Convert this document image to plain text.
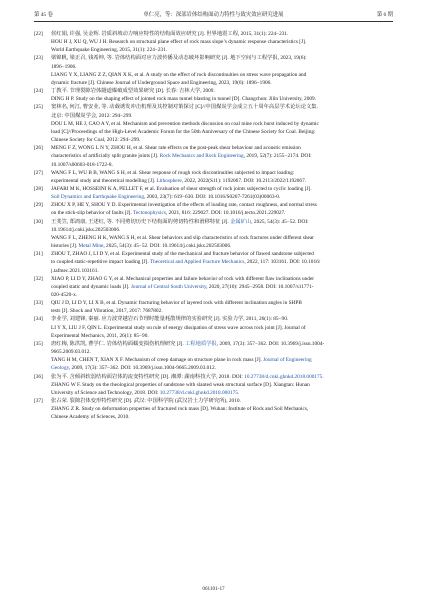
第 45 卷	单仁亮，等：深部岩体结构面动力特性与致灾效应研究进展	第 6 期
[22] 侯红娟, 许强, 吴金辉. 岩质斜坡动力响应特性的结构面效应研究 [J]. 世界地震工程, 2015, 31(1): 224−231.
HOU H J, XU Q, WU J H. Research on structural plane effect of rock mass slope’s dynamic response characteristics [J].
World Earthquake Engineering, 2015, 31(1): 224−231.
[23] 梁锦帆, 梁正召, 钱希坤, 等. 岩体结构面对应力波传播及动态破坏影响研究 [J]. 地下空间与工程学报, 2023, 19(6):
1896−1906.
LIANG Y X, LIANG Z Z, QIAN X K, et al. A study on the effect of rock discontinuities on stress wave propagation and
dynamic fracture [J]. Chinese Journal of Underground Space and Engineering, 2023, 19(6): 1896−1906.
[24] 丁教平. 节理裂隙岩体隧道爆破成型效果研究 [D]. 长春: 吉林大学, 2009.
DING H P. Study on the shaping effect of jointed rock mass tunnel blasting in tunnel [D]. Changchun: Jilin University, 2009.
[25] 窦林名, 何江, 曹安业, 等. 动载诱发冲击机理及其控制对策探讨 [C]//中国煤炭学会成立五十周年高层学术论坛论文集.
北京: 中国煤炭学会, 2012: 294−299.
DOU L M, HE J, CAO A Y, et al. Mechanism and prevention methods discussion on coal mine rock burst induced by dynamic
load [C]//Proceedings of the High-Level Academic Forum for the 50th Anniversary of the Chinese Society for Coal. Beijing:
Chinese Society for Coal, 2012: 294−299.
[26] MENG F Z, WONG L N Y, ZHOU H, et al. Shear rate effects on the post-peak shear behaviour and acoustic emission
characteristics of artificially split granite joints [J]. Rock Mechanics and Rock Engineering, 2019, 52(7): 2155−2174. DOI:
10.1007/s00603-018-1722-8.
[27] WANG F L, WU B B, WANG S H, et al. Shear response of rough rock discontinuities subjected to impact loading:
experimental study and theoretical modelling [J]. Lithosphere, 2022, 2022(S11): 1192067. DOI: 10.2113/2022/1192067.
[28] JAFARI M K, HOSSEINI K A, PELLET F, et al. Evaluation of shear strength of rock joints subjected to cyclic loading [J].
Soil Dynamics and Earthquake Engineering, 2003, 23(7): 619−630. DOI: 10.1016/S0267-7261(03)00063-0.
[29] ZHOU X P, HE Y, SHOU Y D. Experimental investigation of the effects of loading rate, contact roughness, and normal stress
on the stick-slip behavior of faults [J]. Tectonophysics, 2021, 816: 229027. DOI: 10.1016/j.tecto.2021.229027.
[30] 王斐笠, 郑鸿康, 王述红, 等. 不同剪切历史下结构面的剪切特性和滑移特征 [J]. 金属矿山, 2025, 54(3): 45−52. DOI:
10.19614/j.cnki.jsks.202503006.
WANG F L, ZHENG H K, WANG S H, et al. Shear behaviors and slip characteristics of rock fractures under different shear
histories [J]. Metal Mine, 2025, 54(3): 45−52. DOI: 10.19614/j.cnki.jsks.202503006.
[31] ZHOU T, ZHAO J, LI D Y, et al. Experimental study of the mechanical and fracture behavior of flawed sandstone subjected
to coupled static-repetitive impact loading [J]. Theoretical and Applied Fracture Mechanics, 2022, 117: 103161. DOI: 10.1016/
j.tafmec.2021.103161.
[32] XIAO P, LI D Y, ZHAO G Y, et al. Mechanical properties and failure behavior of rock with different flaw inclinations under
coupled static and dynamic loads [J]. Journal of Central South University, 2020, 27(10): 2945−2958. DOI: 10.1007/s11771-
020-4520-x.
[33] QIU J D, LI D Y, LI X B, et al. Dynamic fracturing behavior of layered rock with different inclination angles in SHPB
tests [J]. Shock and Vibration, 2017, 2017: 7687802.
[34] 李业学, 刘建锋, 秦丽. 应力波穿越岩石节理时能量耗散规律的实验研究 [J]. 实验力学, 2011, 26(1): 85−90.
LI Y X, LIU J F, QIN L. Experimental study on rule of energy dissipation of stress wave across rock joint [J]. Journal of
Experimental Mechanics, 2011, 26(1): 85−90.
[35] 唐红梅, 陈洪凯, 曹学仁. 岩体结构面蠕变损伤机理研究 [J]. 工程地质学报, 2009, 17(3): 357−362. DOI: 10.3969/j.issn.1004-
9665.2009.03.012.
TANG H M, CHEN T, XIAN X F. Mechanism of creep damage on structure plane in rock mass [J]. Journal of Engineering
Geology, 2009, 17(3): 357−362. DOI: 10.3969/j.issn.1004-9665.2009.03.012.
[36] 张为平. 含倾斜软弱结构面岩体的流变特性研究 [D]. 湘潭: 湖南科技大学, 2018. DOI: 10.27738/d.cnki.ghnkd.2018.000175.
ZHANG W F. Study on the rheological properties of sandstone with slanted weak structural surface [D]. Xiangtan: Hunan
University of Science and Technology, 2018. DOI: 10.27738/d.cnki.ghnkd.2018.000175.
[37] 张占荣. 裂隙岩体变形特性研究 [D]. 武汉: 中国科学院 (武汉岩土力学研究所), 2010.
ZHANG Z R. Study on deformation properties of fractured rock mass [D]. Wuhan: Institute of Rock and Soil Mechanics,
Chinese Academy of Sciences, 2010.
061101-17
